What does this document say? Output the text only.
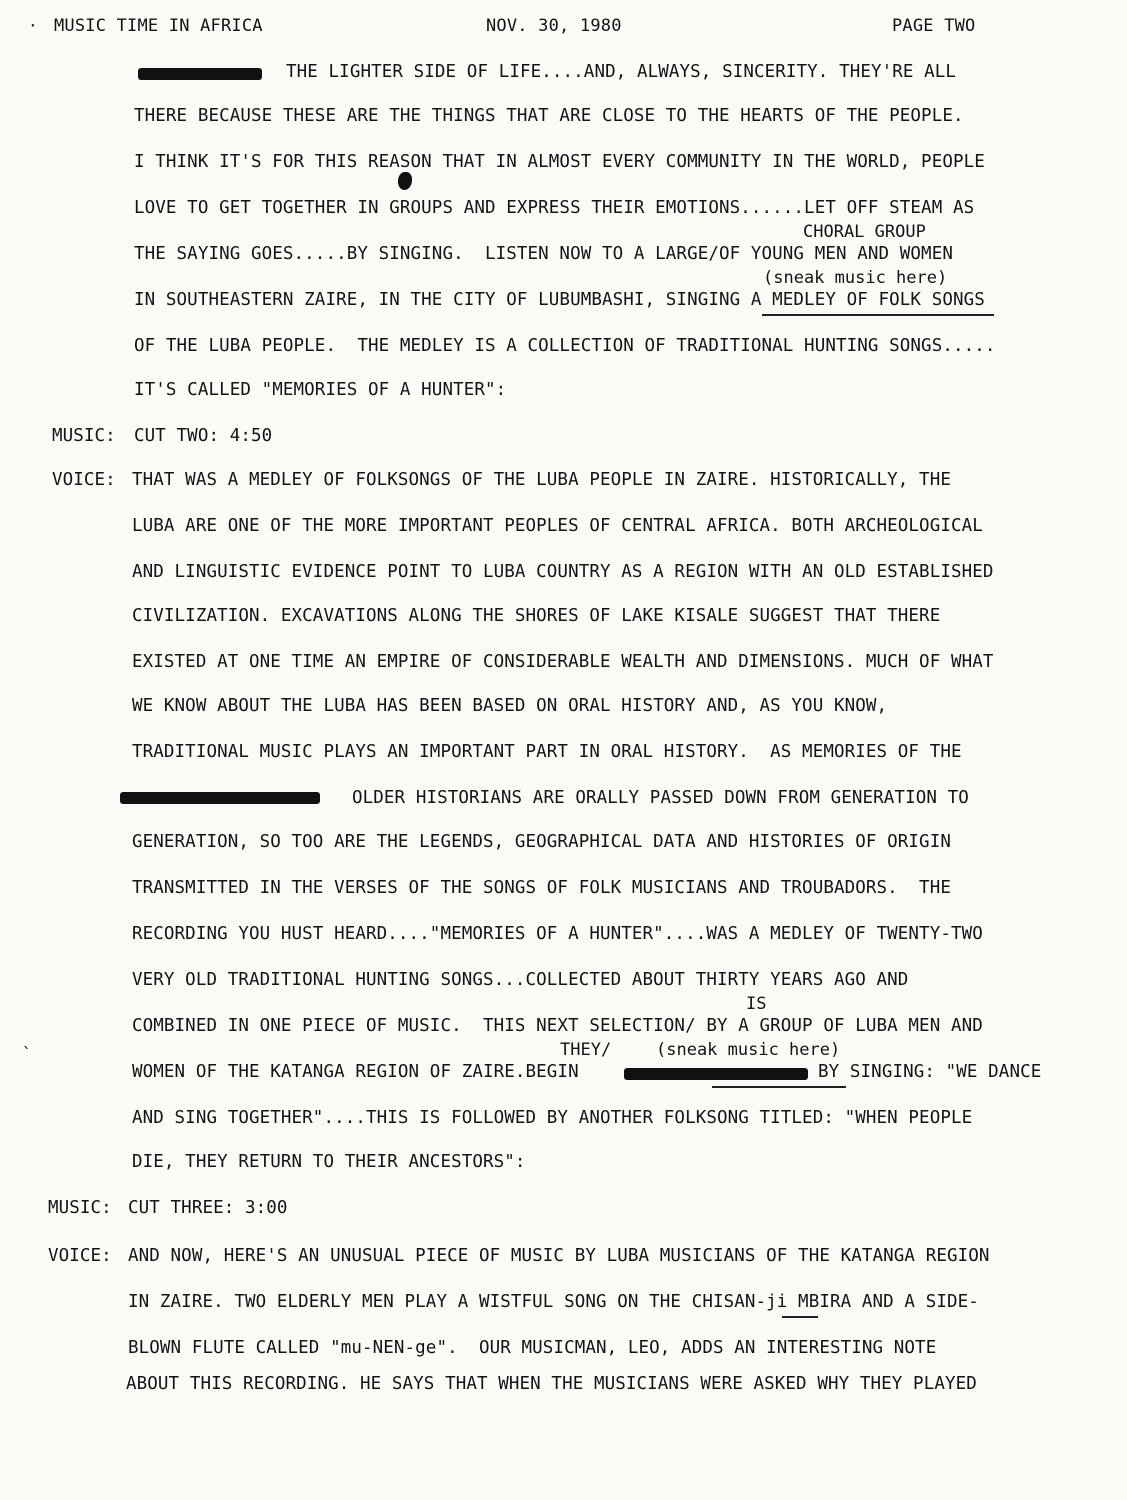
MUSIC TIME IN AFRICA	NOV. 30, 1980	PAGE TWO
·
THE LIGHTER SIDE OF LIFE....AND, ALWAYS, SINCERITY. THEY'RE ALL
THERE BECAUSE THESE ARE THE THINGS THAT ARE CLOSE TO THE HEARTS OF THE PEOPLE.
I THINK IT'S FOR THIS REASON THAT IN ALMOST EVERY COMMUNITY IN THE WORLD, PEOPLE
LOVE TO GET TOGETHER IN GROUPS AND EXPRESS THEIR EMOTIONS......LET OFF STEAM AS
CHORAL GROUP
THE SAYING GOES.....BY SINGING.  LISTEN NOW TO A LARGE/OF YOUNG MEN AND WOMEN
(sneak music here)
IN SOUTHEASTERN ZAIRE, IN THE CITY OF LUBUMBASHI, SINGING A MEDLEY OF FOLK SONGS
OF THE LUBA PEOPLE.  THE MEDLEY IS A COLLECTION OF TRADITIONAL HUNTING SONGS.....
IT'S CALLED "MEMORIES OF A HUNTER":
MUSIC: CUT TWO: 4:50
VOICE: THAT WAS A MEDLEY OF FOLKSONGS OF THE LUBA PEOPLE IN ZAIRE. HISTORICALLY, THE
LUBA ARE ONE OF THE MORE IMPORTANT PEOPLES OF CENTRAL AFRICA. BOTH ARCHEOLOGICAL
AND LINGUISTIC EVIDENCE POINT TO LUBA COUNTRY AS A REGION WITH AN OLD ESTABLISHED
CIVILIZATION. EXCAVATIONS ALONG THE SHORES OF LAKE KISALE SUGGEST THAT THERE
EXISTED AT ONE TIME AN EMPIRE OF CONSIDERABLE WEALTH AND DIMENSIONS. MUCH OF WHAT
WE KNOW ABOUT THE LUBA HAS BEEN BASED ON ORAL HISTORY AND, AS YOU KNOW,
TRADITIONAL MUSIC PLAYS AN IMPORTANT PART IN ORAL HISTORY.  AS MEMORIES OF THE
OLDER HISTORIANS ARE ORALLY PASSED DOWN FROM GENERATION TO
GENERATION, SO TOO ARE THE LEGENDS, GEOGRAPHICAL DATA AND HISTORIES OF ORIGIN
TRANSMITTED IN THE VERSES OF THE SONGS OF FOLK MUSICIANS AND TROUBADORS.  THE
RECORDING YOU HUST HEARD...."MEMORIES OF A HUNTER"....WAS A MEDLEY OF TWENTY-TWO
VERY OLD TRADITIONAL HUNTING SONGS...COLLECTED ABOUT THIRTY YEARS AGO AND
IS
COMBINED IN ONE PIECE OF MUSIC.  THIS NEXT SELECTION/ BY A GROUP OF LUBA MEN AND
THEY/	(sneak music here)
WOMEN OF THE KATANGA REGION OF ZAIRE.BEGIN	BY SINGING: "WE DANCE
AND SING TOGETHER"....THIS IS FOLLOWED BY ANOTHER FOLKSONG TITLED: "WHEN PEOPLE
DIE, THEY RETURN TO THEIR ANCESTORS":
MUSIC: CUT THREE: 3:00
VOICE: AND NOW, HERE'S AN UNUSUAL PIECE OF MUSIC BY LUBA MUSICIANS OF THE KATANGA REGION
IN ZAIRE. TWO ELDERLY MEN PLAY A WISTFUL SONG ON THE CHISAN-ji MBIRA AND A SIDE-
BLOWN FLUTE CALLED "mu-NEN-ge".  OUR MUSICMAN, LEO, ADDS AN INTERESTING NOTE
ABOUT THIS RECORDING. HE SAYS THAT WHEN THE MUSICIANS WERE ASKED WHY THEY PLAYED
`
